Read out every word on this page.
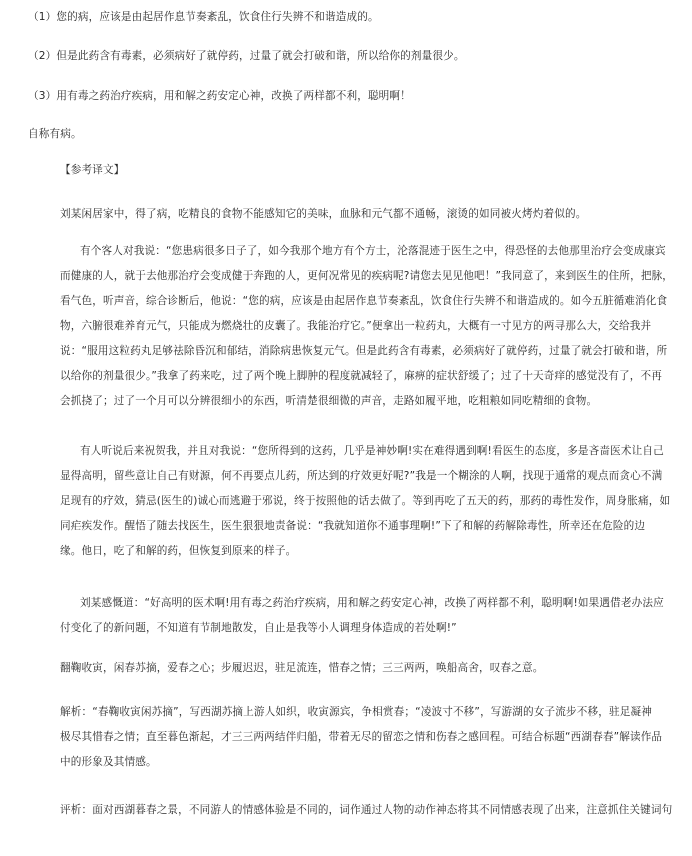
（1）您的病，应该是由起居作息节奏紊乱，饮食住行失辨不和谐造成的。

（2）但是此药含有毒素，必须病好了就停药，过量了就会打破和谐，所以给你的剂量很少。

（3）用有毒之药治疗疾病，用和解之药安定心神，改换了两样都不利，聪明啊！

自称有病。

【参考译文】

刘某闲居家中，得了病，吃精良的食物不能感知它的美味，血脉和元气都不通畅，滚烫的如同被火烤灼着似的。

有个客人对我说：“您患病很多日子了，如今我那个地方有个方士，沦落混迹于医生之中，得恐怪的去他那里治疗会变成康宾

而健康的人，就于去他那治疗会变成健于奔跑的人，更何况常见的疾病呢?请您去见见他吧！”我同意了，来到医生的住所，把脉，

看气色，听声音，综合诊断后，他说：“您的病，应该是由起居作息节奏紊乱，饮食住行失辨不和谐造成的。如今五脏循难消化食

物，六腑很难养育元气，只能成为燃烧壮的皮囊了。我能治疗它。”便拿出一粒药丸，大概有一寸见方的两寻那么大，交给我并

说：“服用这粒药丸足够祛除昏沉和郁结，消除病患恢复元气。但是此药含有毒素，必须病好了就停药，过量了就会打破和谐，所

以给你的剂量很少。”我拿了药来吃，过了两个晚上脚肿的程度就减轻了，麻痹的症状舒缓了；过了十天奇痒的感觉没有了，不再

会抓挠了；过了一个月可以分辨很细小的东西，听清楚很细微的声音，走路如履平地，吃粗粮如同吃精细的食物。

有人听说后来祝贺我，并且对我说：“您所得到的这药，几乎是神妙啊!实在难得遇到啊!看医生的态度，多是吝啬医术让自己

显得高明，留些意让自己有财源，何不再要点儿药，所达到的疗效更好呢?”我是一个糊涂的人啊，找现于通常的观点而贪心不满

足现有的疗效，猜忌(医生的)诚心而逃避于邪说，终于按照他的话去做了。等到再吃了五天的药，那药的毒性发作，周身胀痛，如

同疟疾发作。醒悟了随去找医生，医生狠狠地责备说：“我就知道你不通事理啊!”下了和解的药解除毒性，所幸还在危险的边

缘。他日，吃了和解的药，但恢复到原来的样子。

刘某感慨道：“好高明的医术啊!用有毒之药治疗疾病，用和解之药安定心神，改换了两样都不利，聪明啊!如果遇借老办法应

付变化了的新问题，不知道有节制地散发，自止是我等小人调理身体造成的若处啊!”

翻鞠收寅，闲春苏摘，爱春之心；步履迟迟，驻足流连，惜春之情；三三两两，唤船高舍，叹春之意。

解析：“春鞠收寅闲苏摘”，写西湖苏摘上游人如织，收寅源宾，争相赏春；“凌波寸不移”，写游湖的女子流步不移，驻足凝神

极尽其惜春之情；直至暮色渐起，才三三两两结伴归船，带着无尽的留恋之情和伤春之感回程。可结合标题“西湖春春”解读作品

中的形象及其情感。

评析：面对西湖暮春之景，不同游人的情感体验是不同的，词作通过人物的动作神态将其不同情感表现了出来，注意抓住关键词句
